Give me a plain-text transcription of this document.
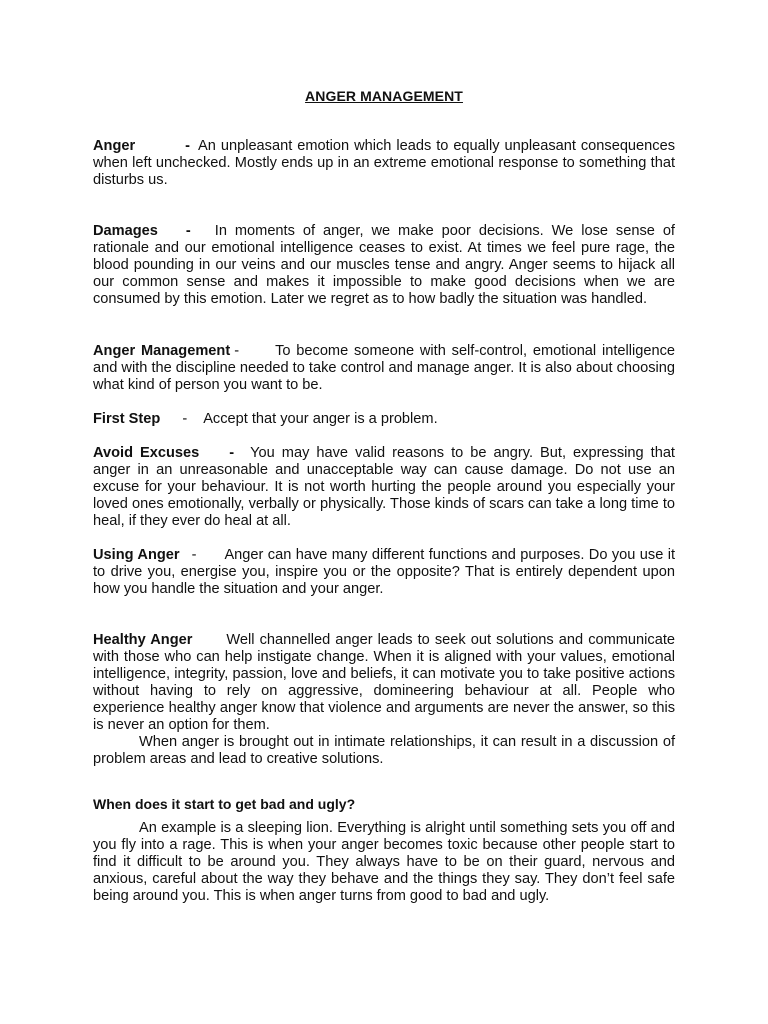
ANGER MANAGEMENT

Anger	- An unpleasant emotion which leads to equally unpleasant consequences when left unchecked. Mostly ends up in an extreme emotional response to something that disturbs us.

Damages - In moments of anger, we make poor decisions. We lose sense of rationale and our emotional intelligence ceases to exist. At times we feel pure rage, the blood pounding in our veins and our muscles tense and angry. Anger seems to hijack all our common sense and makes it impossible to make good decisions when we are consumed by this emotion. Later we regret as to how badly the situation was handled.

Anger Management - To become someone with self-control, emotional intelligence and with the discipline needed to take control and manage anger. It is also about choosing what kind of person you want to be.

First Step - Accept that your anger is a problem.

Avoid Excuses - You may have valid reasons to be angry. But, expressing that anger in an unreasonable and unacceptable way can cause damage. Do not use an excuse for your behaviour. It is not worth hurting the people around you especially your loved ones emotionally, verbally or physically. Those kinds of scars can take a long time to heal, if they ever do heal at all.

Using Anger - Anger can have many different functions and purposes. Do you use it to drive you, energise you, inspire you or the opposite? That is entirely dependent upon how you handle the situation and your anger.

Healthy Anger Well channelled anger leads to seek out solutions and communicate with those who can help instigate change. When it is aligned with your values, emotional intelligence, integrity, passion, love and beliefs, it can motivate you to take positive actions without having to rely on aggressive, domineering behaviour at all. People who experience healthy anger know that violence and arguments are never the answer, so this is never an option for them.

When anger is brought out in intimate relationships, it can result in a discussion of problem areas and lead to creative solutions.

When does it start to get bad and ugly?

An example is a sleeping lion. Everything is alright until something sets you off and you fly into a rage. This is when your anger becomes toxic because other people start to find it difficult to be around you. They always have to be on their guard, nervous and anxious, careful about the way they behave and the things they say. They don’t feel safe being around you. This is when anger turns from good to bad and ugly.
